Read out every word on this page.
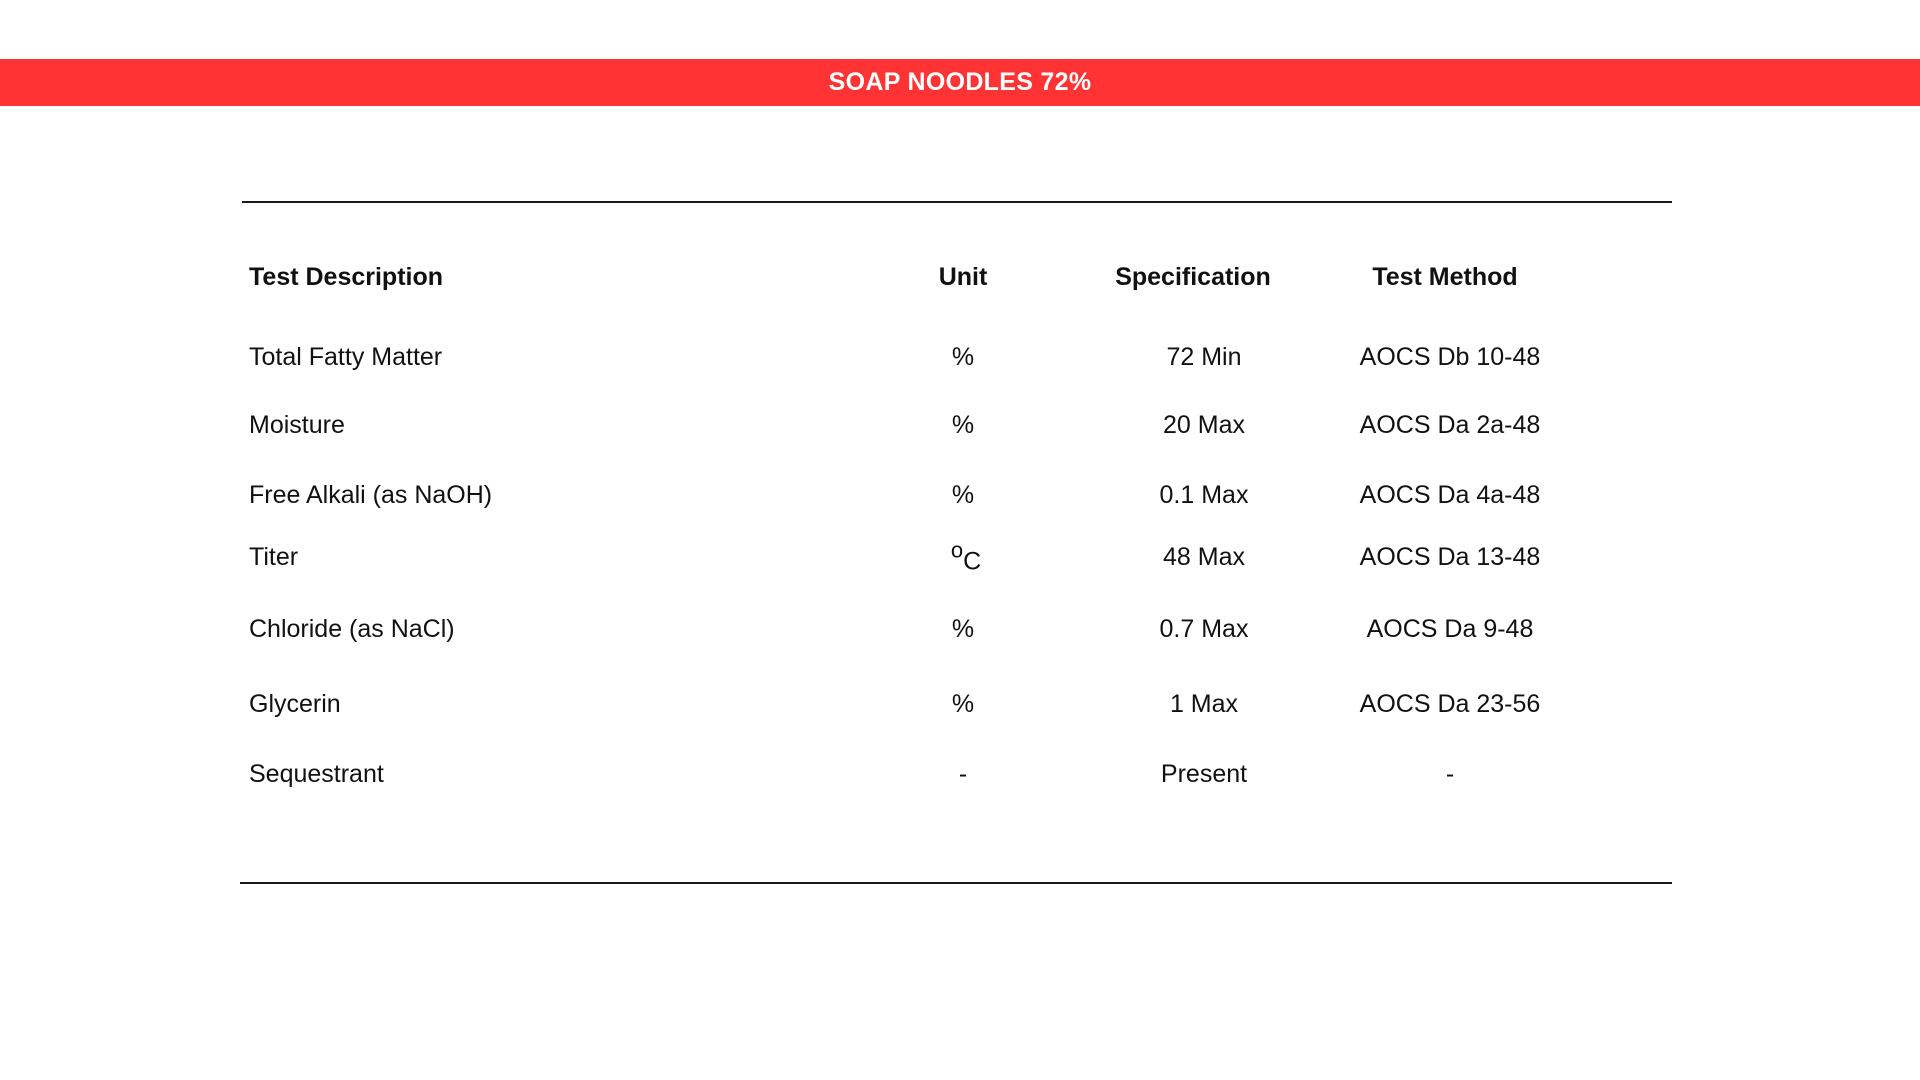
SOAP NOODLES 72%
Test Description	Unit	Specification	Test Method
Total Fatty Matter	%	72 Min	AOCS Db 10-48
Moisture	%	20 Max	AOCS Da 2a-48
Free Alkali (as NaOH)	%	0.1 Max	AOCS Da 4a-48
Titer	oC	48 Max	AOCS Da 13-48
Chloride (as NaCl)	%	0.7 Max	AOCS Da 9-48
Glycerin	%	1 Max	AOCS Da 23-56
Sequestrant	-	Present	-
